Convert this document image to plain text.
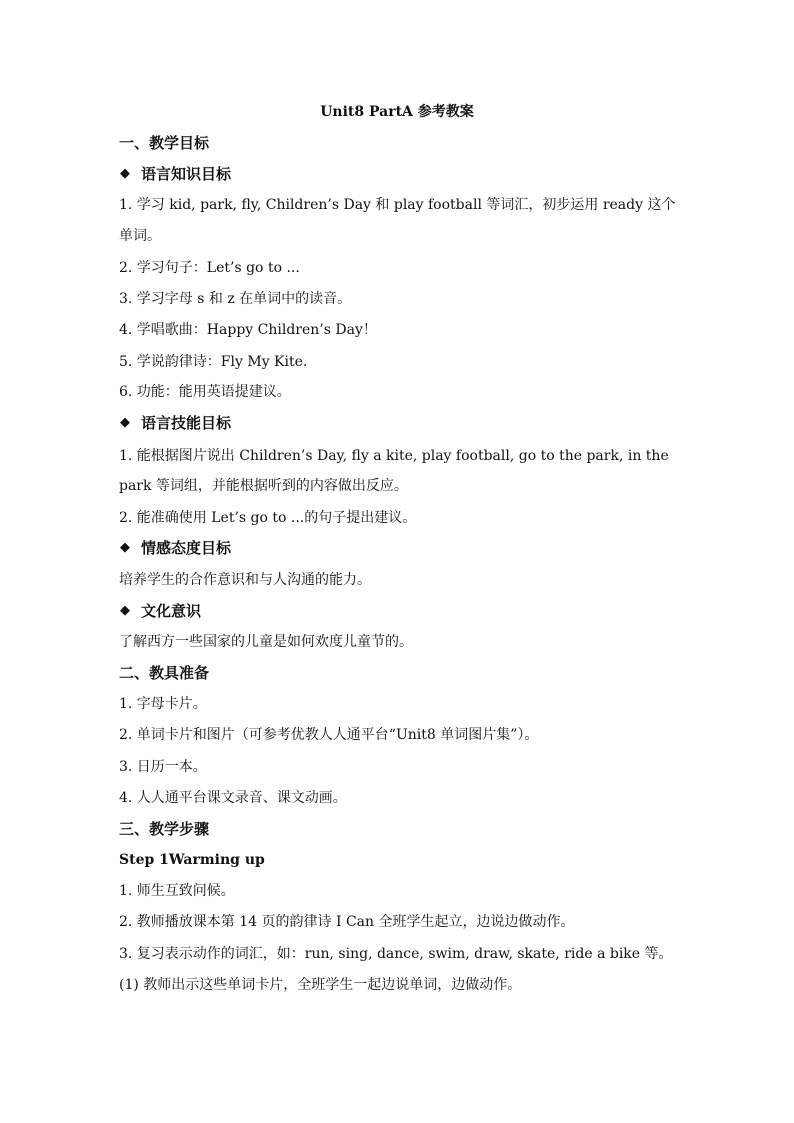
Unit8 PartA 参考教案
一、教学目标
◆ 语言知识目标
1. 学习 kid, park, fly, Children’s Day 和 play football 等词汇，初步运用 ready 这个
单词。
2. 学习句子：Let’s go to ...
3. 学习字母 s 和 z 在单词中的读音。
4. 学唱歌曲：Happy Children’s Day！
5. 学说韵律诗：Fly My Kite.
6. 功能：能用英语提建议。
◆ 语言技能目标
1. 能根据图片说出 Children’s Day, fly a kite, play football, go to the park, in the
park 等词组，并能根据听到的内容做出反应。
2. 能准确使用 Let’s go to ...的句子提出建议。
◆ 情感态度目标
培养学生的合作意识和与人沟通的能力。
◆ 文化意识
了解西方一些国家的儿童是如何欢度儿童节的。
二、教具准备
1. 字母卡片。
2. 单词卡片和图片（可参考优教人人通平台“Unit8 单词图片集”）。
3. 日历一本。
4. 人人通平台课文录音、课文动画。
三、教学步骤
Step 1Warming up
1. 师生互致问候。
2. 教师播放课本第 14 页的韵律诗 I Can 全班学生起立，边说边做动作。
3. 复习表示动作的词汇，如：run, sing, dance, swim, draw, skate, ride a bike 等。
(1) 教师出示这些单词卡片，全班学生一起边说单词，边做动作。
